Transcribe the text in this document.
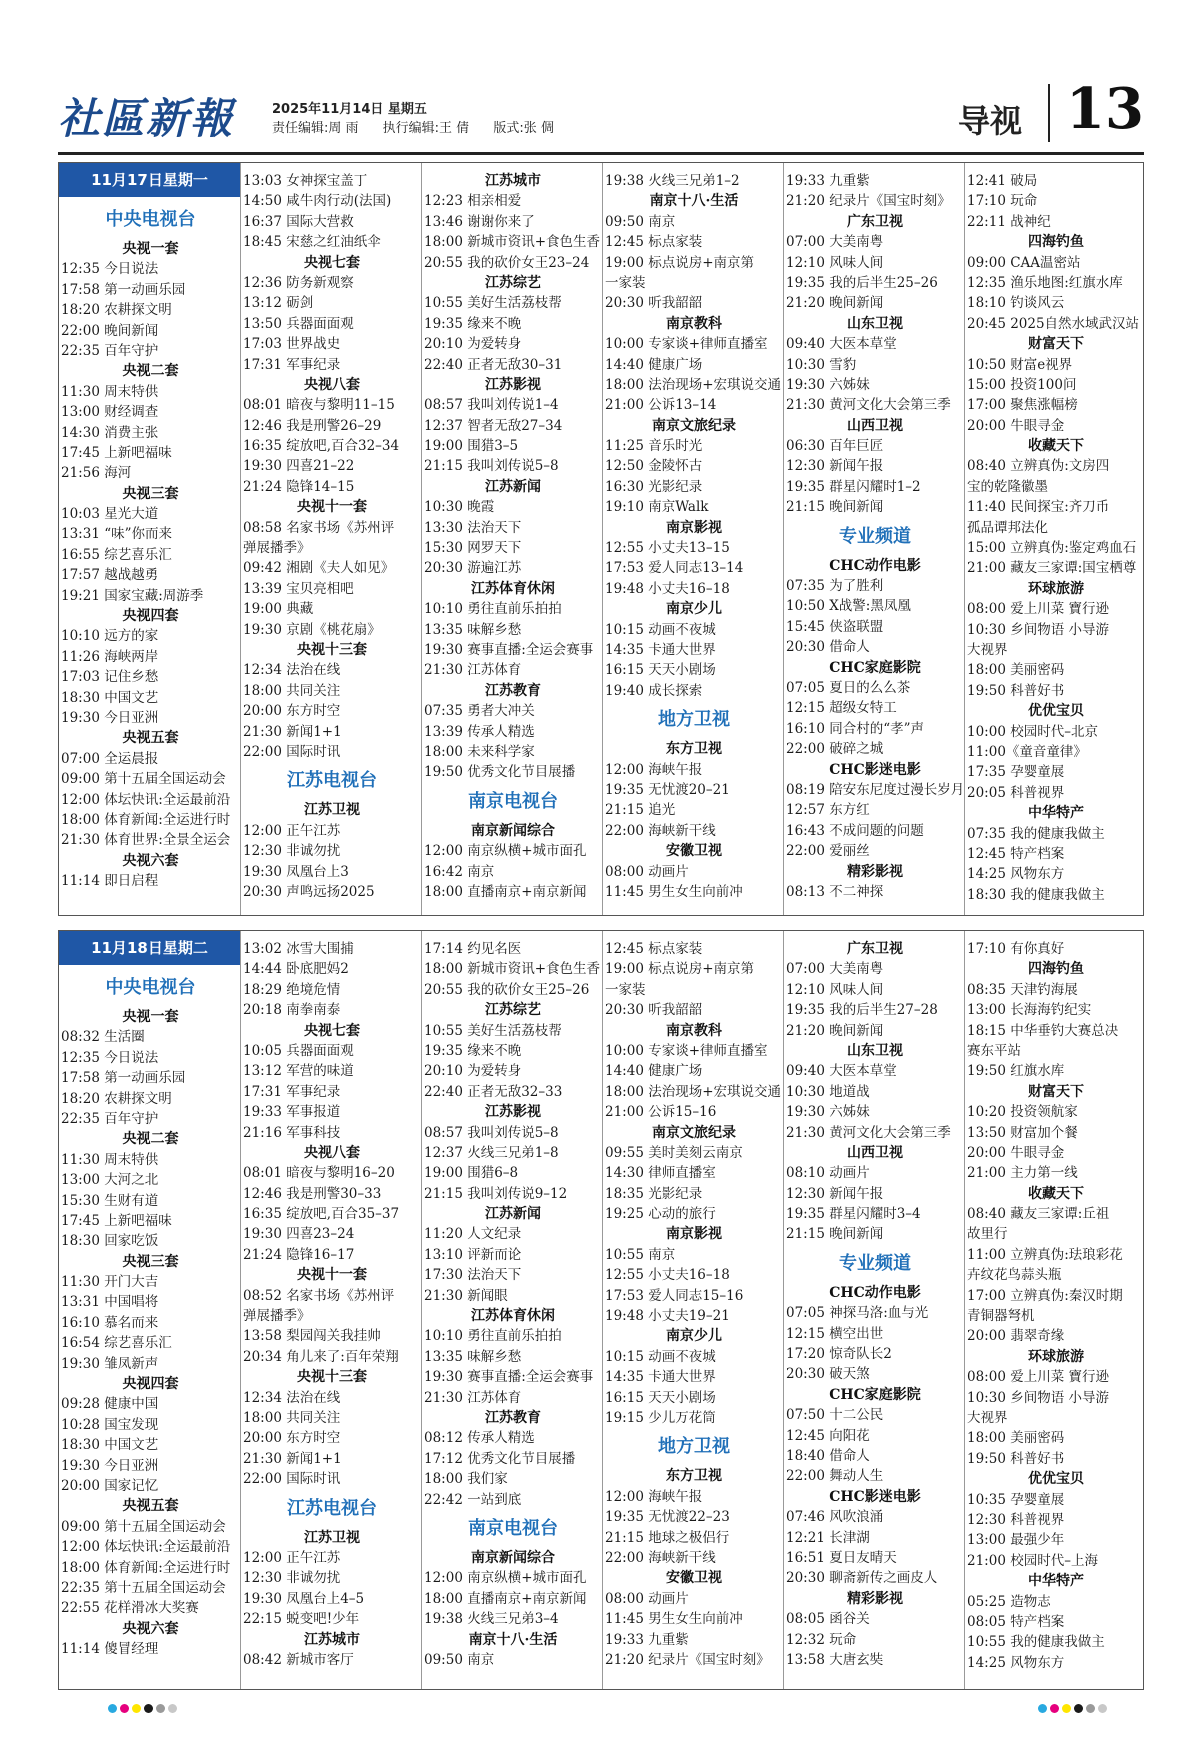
社區新報	2025年11月14日 星期五
责任编辑:周 雨 执行编辑:王 倩 版式:张 倜	导视 13
11月17日星期一
中央电视台
央视一套
12:35 今日说法
17:58 第一动画乐园
18:20 农耕探文明
22:00 晚间新闻
22:35 百年守护
央视二套
11:30 周末特供
13:00 财经调查
14:30 消费主张
17:45 上新吧福味
21:56 海河
央视三套
10:03 星光大道
13:31 “味”你而来
16:55 综艺喜乐汇
17:57 越战越勇
19:21 国家宝藏:周游季
央视四套
10:10 远方的家
11:26 海峡两岸
17:03 记住乡愁
18:30 中国文艺
19:30 今日亚洲
央视五套
07:00 全运晨报
09:00 第十五届全国运动会
12:00 体坛快讯:全运最前沿
18:00 体育新闻:全运进行时
21:30 体育世界:全景全运会
央视六套
11:14 即日启程
13:03 女神探宝盖丁
14:50 咸牛肉行动(法国)
16:37 国际大营救
18:45 宋慈之红油纸伞
央视七套
12:36 防务新观察
13:12 砺剑
13:50 兵器面面观
17:03 世界战史
17:31 军事纪录
央视八套
08:01 暗夜与黎明11–15
12:46 我是刑警26–29
16:35 绽放吧,百合32–34
19:30 四喜21–22
21:24 隐锋14–15
央视十一套
08:58 名家书场《苏州评
弹展播季》
09:42 湘剧《夫人如见》
13:39 宝贝亮相吧
19:00 典藏
19:30 京剧《桃花扇》
央视十三套
12:34 法治在线
18:00 共同关注
20:00 东方时空
21:30 新闻1+1
22:00 国际时讯
江苏电视台
江苏卫视
12:00 正午江苏
12:30 非诚勿扰
19:30 凤凰台上3
20:30 声鸣远扬2025
江苏城市
12:23 相亲相爱
13:46 谢谢你来了
18:00 新城市资讯+食色生香
20:55 我的砍价女王23–24
江苏综艺
10:55 美好生活荔枝帮
19:35 缘来不晚
20:10 为爱转身
22:40 正者无敌30–31
江苏影视
08:57 我叫刘传说1–4
12:37 智者无敌27–34
19:00 围猎3–5
21:15 我叫刘传说5–8
江苏新闻
10:30 晚霞
13:30 法治天下
15:30 网罗天下
20:30 游遍江苏
江苏体育休闲
10:10 勇往直前乐拍拍
13:35 味解乡愁
19:30 赛事直播:全运会赛事
21:30 江苏体育
江苏教育
07:35 勇者大冲关
13:39 传承人精选
18:00 未来科学家
19:50 优秀文化节目展播
南京电视台
南京新闻综合
12:00 南京纵横+城市面孔
16:42 南京
18:00 直播南京+南京新闻
19:38 火线三兄弟1–2
南京十八·生活
09:50 南京
12:45 标点家装
19:00 标点说房+南京第
一家装
20:30 听我韶韶
南京教科
10:00 专家谈+律师直播室
14:40 健康广场
18:00 法治现场+宏琪说交通
21:00 公诉13–14
南京文旅纪录
11:25 音乐时光
12:50 金陵怀古
16:30 光影纪录
19:10 南京Walk
南京影视
12:55 小丈夫13–15
17:53 爱人同志13–14
19:48 小丈夫16–18
南京少儿
10:15 动画不夜城
14:35 卡通大世界
16:15 天天小剧场
19:40 成长探索
地方卫视
东方卫视
12:00 海峡午报
19:35 无忧渡20–21
21:15 追光
22:00 海峡新干线
安徽卫视
08:00 动画片
11:45 男生女生向前冲
19:33 九重紫
21:20 纪录片《国宝时刻》
广东卫视
07:00 大美南粤
12:10 风味人间
19:35 我的后半生25–26
21:20 晚间新闻
山东卫视
09:40 大医本草堂
10:30 雪豹
19:30 六姊妹
21:30 黄河文化大会第三季
山西卫视
06:30 百年巨匠
12:30 新闻午报
19:35 群星闪耀时1–2
21:15 晚间新闻
专业频道
CHC动作电影
07:35 为了胜利
10:50 X战警:黑凤凰
15:45 侠盗联盟
20:30 借命人
CHC家庭影院
07:05 夏日的么么茶
12:15 超级女特工
16:10 同合村的“孝”声
22:00 破碎之城
CHC影迷电影
08:19 陪安东尼度过漫长岁月
12:57 东方红
16:43 不成问题的问题
22:00 爱丽丝
精彩影视
08:13 不二神探
12:41 破局
17:10 玩命
22:11 战神纪
四海钓鱼
09:00 CAA温密站
12:35 渔乐地图:红旗水库
18:10 钓谈风云
20:45 2025自然水域武汉站
财富天下
10:50 财富e视界
15:00 投资100问
17:00 聚焦涨幅榜
20:00 牛眼寻金
收藏天下
08:40 立辨真伪:文房四
宝的乾隆徽墨
11:40 民间探宝:齐刀币
孤品谭邦法化
15:00 立辨真伪:鉴定鸡血石
21:00 藏友三家谭:国宝栖尊
环球旅游
08:00 爱上川菜 寶行逊
10:30 乡间物语 小导游
大视界
18:00 美丽密码
19:50 科普好书
优优宝贝
10:00 校园时代–北京
11:00《童音童律》
17:35 孕婴童展
20:05 科普视界
中华特产
07:35 我的健康我做主
12:45 特产档案
14:25 风物东方
18:30 我的健康我做主
11月18日星期二
中央电视台
央视一套
08:32 生活圈
12:35 今日说法
17:58 第一动画乐园
18:20 农耕探文明
22:35 百年守护
央视二套
11:30 周末特供
13:00 大河之北
15:30 生财有道
17:45 上新吧福味
18:30 回家吃饭
央视三套
11:30 开门大吉
13:31 中国唱将
16:10 慕名而来
16:54 综艺喜乐汇
19:30 雏凤新声
央视四套
09:28 健康中国
10:28 国宝发现
18:30 中国文艺
19:30 今日亚洲
20:00 国家记忆
央视五套
09:00 第十五届全国运动会
12:00 体坛快讯:全运最前沿
18:00 体育新闻:全运进行时
22:35 第十五届全国运动会
22:55 花样滑冰大奖赛
央视六套
11:14 傻冒经理
13:02 冰雪大围捕
14:44 卧底肥妈2
18:29 绝境危情
20:18 南拳南泰
央视七套
10:05 兵器面面观
13:12 军营的味道
17:31 军事纪录
19:33 军事报道
21:16 军事科技
央视八套
08:01 暗夜与黎明16–20
12:46 我是刑警30–33
16:35 绽放吧,百合35–37
19:30 四喜23–24
21:24 隐锋16–17
央视十一套
08:52 名家书场《苏州评
弹展播季》
13:58 梨园闯关我挂帅
20:34 角儿来了:百年荣翔
央视十三套
12:34 法治在线
18:00 共同关注
20:00 东方时空
21:30 新闻1+1
22:00 国际时讯
江苏电视台
江苏卫视
12:00 正午江苏
12:30 非诚勿扰
19:30 凤凰台上4–5
22:15 蜕变吧!少年
江苏城市
08:42 新城市客厅
17:14 约见名医
18:00 新城市资讯+食色生香
20:55 我的砍价女王25–26
江苏综艺
10:55 美好生活荔枝帮
19:35 缘来不晚
20:10 为爱转身
22:40 正者无敌32–33
江苏影视
08:57 我叫刘传说5–8
12:37 火线三兄弟1–8
19:00 围猎6–8
21:15 我叫刘传说9–12
江苏新闻
11:20 人文纪录
13:10 评新而论
17:30 法治天下
21:30 新闻眼
江苏体育休闲
10:10 勇往直前乐拍拍
13:35 味解乡愁
19:30 赛事直播:全运会赛事
21:30 江苏体育
江苏教育
08:12 传承人精选
17:12 优秀文化节目展播
18:00 我们家
22:42 一站到底
南京电视台
南京新闻综合
12:00 南京纵横+城市面孔
18:00 直播南京+南京新闻
19:38 火线三兄弟3–4
南京十八·生活
09:50 南京
12:45 标点家装
19:00 标点说房+南京第
一家装
20:30 听我韶韶
南京教科
10:00 专家谈+律师直播室
14:40 健康广场
18:00 法治现场+宏琪说交通
21:00 公诉15–16
南京文旅纪录
09:55 美时美刻云南京
14:30 律师直播室
18:35 光影纪录
19:25 心动的旅行
南京影视
10:55 南京
12:55 小丈夫16–18
17:53 爱人同志15–16
19:48 小丈夫19–21
南京少儿
10:15 动画不夜城
14:35 卡通大世界
16:15 天天小剧场
19:15 少儿万花筒
地方卫视
东方卫视
12:00 海峡午报
19:35 无忧渡22–23
21:15 地球之极侣行
22:00 海峡新干线
安徽卫视
08:00 动画片
11:45 男生女生向前冲
19:33 九重紫
21:20 纪录片《国宝时刻》
广东卫视
07:00 大美南粤
12:10 风味人间
19:35 我的后半生27–28
21:20 晚间新闻
山东卫视
09:40 大医本草堂
10:30 地道战
19:30 六姊妹
21:30 黄河文化大会第三季
山西卫视
08:10 动画片
12:30 新闻午报
19:35 群星闪耀时3–4
21:15 晚间新闻
专业频道
CHC动作电影
07:05 神探马洛:血与光
12:15 横空出世
17:20 惊奇队长2
20:30 破天煞
CHC家庭影院
07:50 十二公民
12:45 向阳花
18:40 借命人
22:00 舞动人生
CHC影迷电影
07:46 风吹浪涌
12:21 长津湖
16:51 夏日友晴天
20:30 聊斋新传之画皮人
精彩影视
08:05 函谷关
12:32 玩命
13:58 大唐玄奘
17:10 有你真好
四海钓鱼
08:35 天津钓海展
13:00 长海海钓纪实
18:15 中华垂钓大赛总决
赛东平站
19:50 红旗水库
财富天下
10:20 投资领航家
13:50 财富加个餐
20:00 牛眼寻金
21:00 主力第一线
收藏天下
08:40 藏友三家谭:丘祖
故里行
11:00 立辨真伪:珐琅彩花
卉纹花鸟蒜头瓶
17:00 立辨真伪:秦汉时期
青铜器弩机
20:00 翡翠奇缘
环球旅游
08:00 爱上川菜 寶行逊
10:30 乡间物语 小导游
大视界
18:00 美丽密码
19:50 科普好书
优优宝贝
10:35 孕婴童展
12:30 科普视界
13:00 最强少年
21:00 校园时代–上海
中华特产
05:25 造物志
08:05 特产档案
10:55 我的健康我做主
14:25 风物东方
